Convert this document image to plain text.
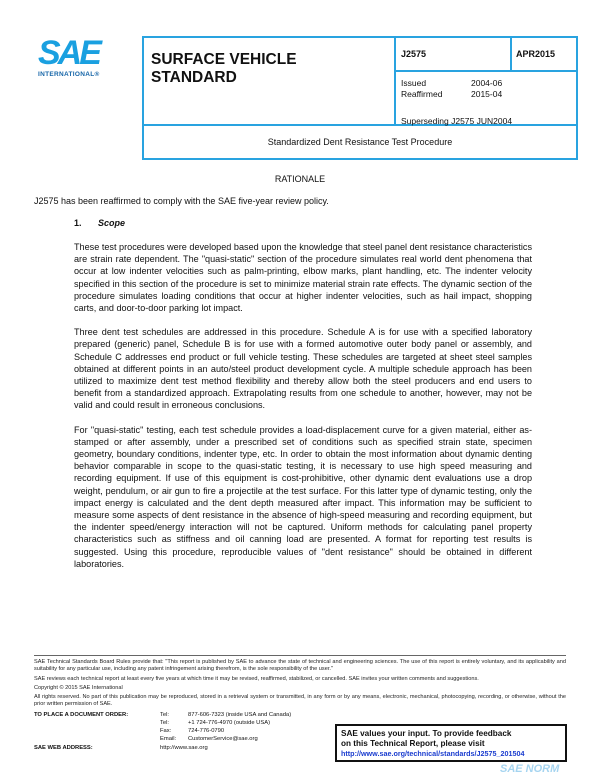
SAE
INTERNATIONAL®
SURFACE VEHICLE
STANDARD
J2575	APR2015
Issued	2004-06
Reaffirmed	2015-04
Superseding J2575 JUN2004
Standardized Dent Resistance Test Procedure
RATIONALE
J2575 has been reaffirmed to comply with the SAE five-year review policy.
1. Scope
These test procedures were developed based upon the knowledge that steel panel dent resistance characteristics are strain rate dependent. The "quasi-static" section of the procedure simulates real world dent phenomena that occur at low indenter velocities such as palm-printing, elbow marks, plant handling, etc. The indenter velocity specified in this section of the procedure is set to minimize material strain rate effects. The dynamic section of the procedure simulates loading conditions that occur at higher indenter velocities, such as hail impact, shopping carts, and door-to-door parking lot impact.
Three dent test schedules are addressed in this procedure. Schedule A is for use with a specified laboratory prepared (generic) panel, Schedule B is for use with a formed automotive outer body panel or assembly, and Schedule C addresses end product or full vehicle testing. These schedules are targeted at sheet steel samples obtained at different points in an auto/steel product development cycle. A multiple schedule approach has been utilized to maximize dent test method flexibility and thereby allow both the steel producers and end users to benefit from a standardized approach. Extrapolating results from one schedule to another, however, may not be valid and could result in erroneous conclusions.
For "quasi-static" testing, each test schedule provides a load-displacement curve for a given material, either as-stamped or after assembly, under a prescribed set of conditions such as specified strain state, specimen geometry, boundary conditions, indenter type, etc. In order to obtain the most information about dynamic denting behavior comparable in scope to the quasi-static testing, it is necessary to use high speed measuring and recording equipment. If use of this equipment is cost-prohibitive, other dynamic dent evaluations use a drop weight, pendulum, or air gun to fire a projectile at the test surface. For this latter type of dynamic testing, only the impact energy is calculated and the dent depth measured after impact. This information may be sufficient to measure some aspects of dent resistance in the absence of high-speed measuring and recording equipment, but the indenter speed/energy interaction will not be captured. Uniform methods for calculating panel property characteristics such as stiffness and oil canning load are presented. A format for reporting test results is suggested. Using this procedure, reproducible values of "dent resistance" should be obtained in different laboratories.
SAE Technical Standards Board Rules provide that: "This report is published by SAE to advance the state of technical and engineering sciences. The use of this report is entirely voluntary, and its applicability and suitability for any particular use, including any patent infringement arising therefrom, is the sole responsibility of the user."
SAE reviews each technical report at least every five years at which time it may be revised, reaffirmed, stabilized, or cancelled. SAE invites your written comments and suggestions.
Copyright © 2015 SAE International
All rights reserved. No part of this publication may be reproduced, stored in a retrieval system or transmitted, in any form or by any means, electronic, mechanical, photocopying, recording, or otherwise, without the prior written permission of SAE.
TO PLACE A DOCUMENT ORDER:	Tel:	877-606-7323 (inside USA and Canada)
Tel:	+1 724-776-4970 (outside USA)
Fax:	724-776-0790
Email: CustomerService@sae.org
SAE WEB ADDRESS:	http://www.sae.org
SAE values your input. To provide feedback
on this Technical Report, please visit
http://www.sae.org/technical/standards/J2575_201504
SAE NORM
